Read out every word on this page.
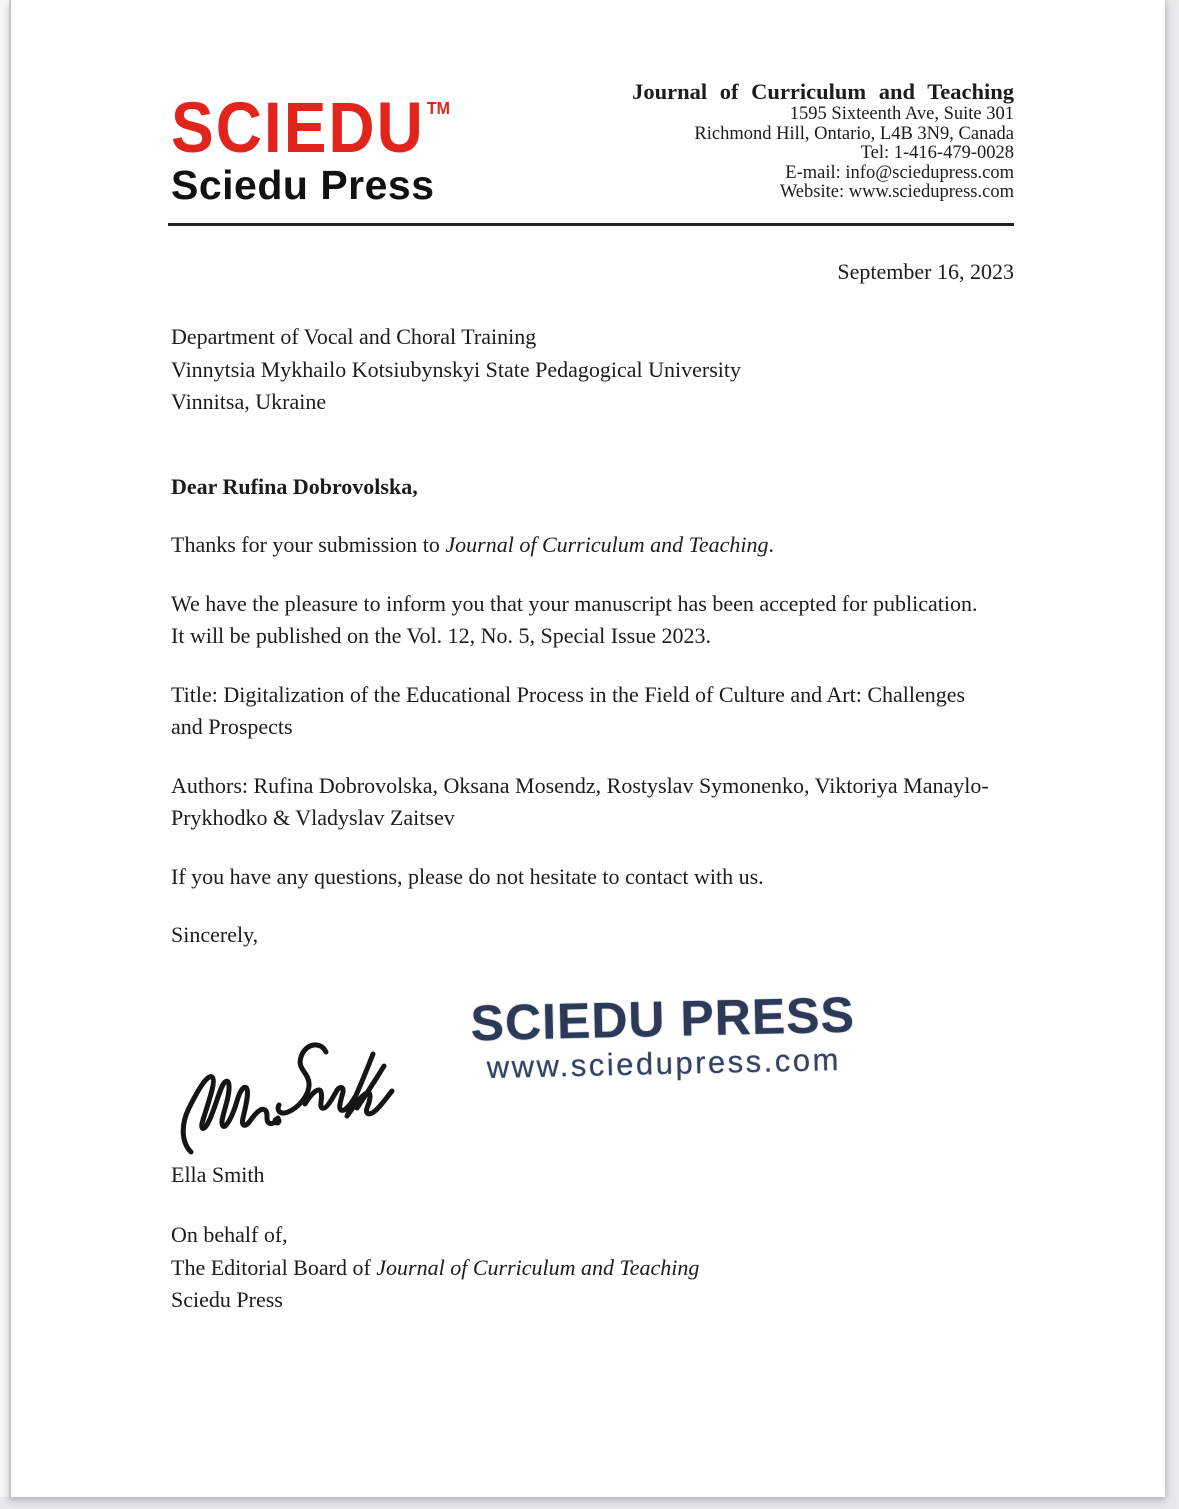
SCIEDU ™
Sciedu Press
Journal of Curriculum and Teaching
1595 Sixteenth Ave, Suite 301
Richmond Hill, Ontario, L4B 3N9, Canada
Tel: 1-416-479-0028
E-mail: info@sciedupress.com
Website: www.sciedupress.com
September 16, 2023
Department of Vocal and Choral Training
Vinnytsia Mykhailo Kotsiubynskyi State Pedagogical University
Vinnitsa, Ukraine
Dear Rufina Dobrovolska,
Thanks for your submission to Journal of Curriculum and Teaching.
We have the pleasure to inform you that your manuscript has been accepted for publication.
It will be published on the Vol. 12, No. 5, Special Issue 2023.
Title: Digitalization of the Educational Process in the Field of Culture and Art: Challenges
and Prospects
Authors: Rufina Dobrovolska, Oksana Mosendz, Rostyslav Symonenko, Viktoriya Manaylo-
Prykhodko & Vladyslav Zaitsev
If you have any questions, please do not hesitate to contact with us.
Sincerely,
SCIEDU PRESS
www.sciedupress.com
Ella Smith
On behalf of,
The Editorial Board of Journal of Curriculum and Teaching
Sciedu Press
